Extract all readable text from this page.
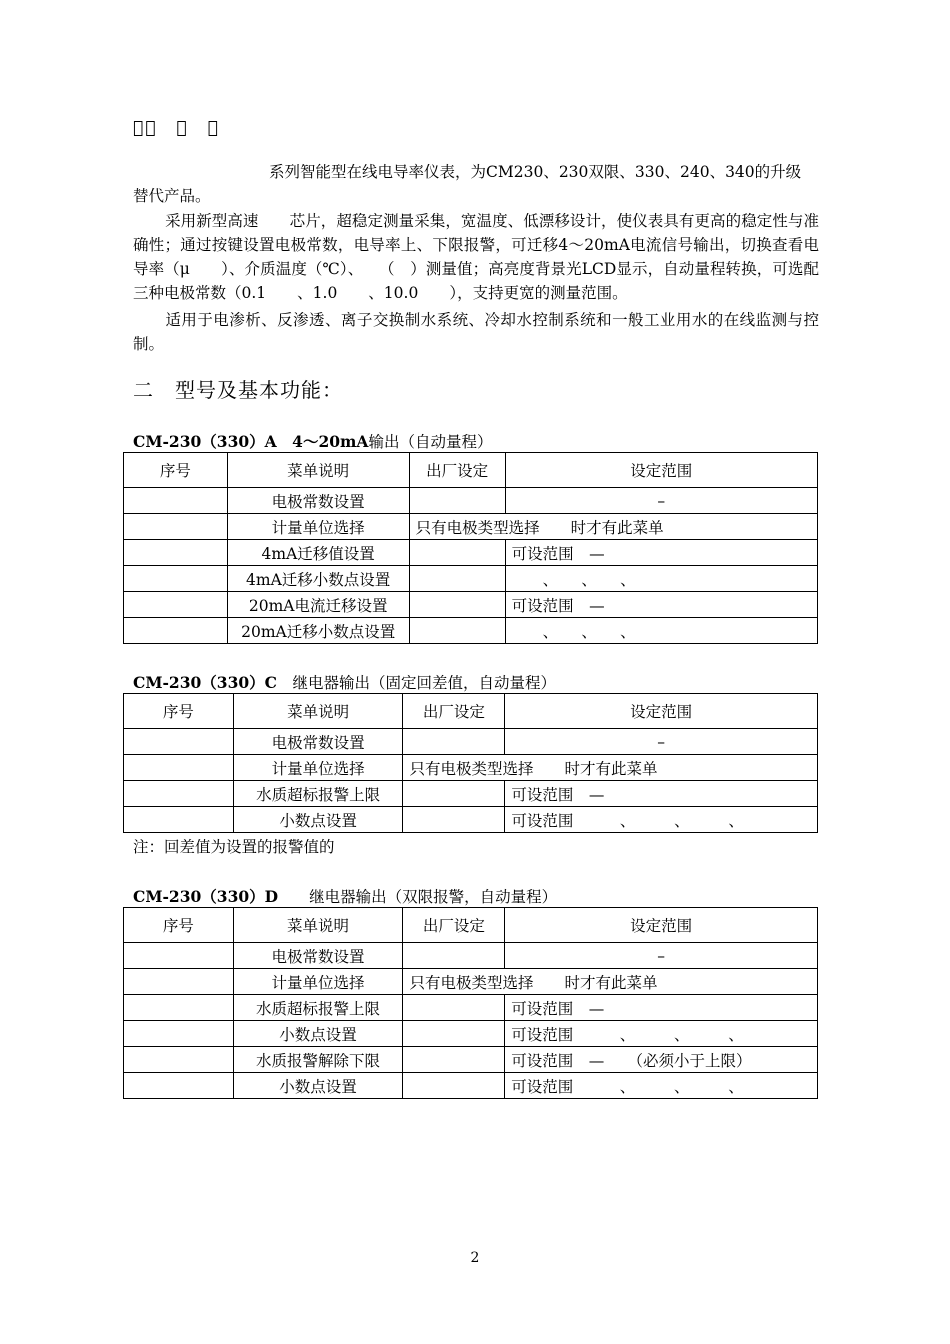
􀀀􀀀　􀀀　􀀀
系列智能型在线电导率仪表，为CM230、230双限、330、240、340的升级
替代产品。
采用新型高速　　芯片，超稳定测量采集，宽温度、低漂移设计，使仪表具有更高的稳定性与准确性；通过按键设置电极常数，电导率上、下限报警，可迁移4～20mA电流信号输出，切换查看电导率（μ　　）、介质温度（℃）、　　（　）测量值；高亮度背景光LCD显示，自动量程转换，可选配三种电极常数（0.1　　、1.0　　、10.0　　），支持更宽的测量范围。
适用于电渗析、反渗透、离子交换制水系统、冷却水控制系统和一般工业用水的在线监测与控制。
二　型号及基本功能：
CM-230（330）A　4～20mA输出（自动量程）
序号	菜单说明	出厂设定	设定范围
	电极常数设置		–
	计量单位选择	只有电极类型选择　　时才有此菜单	
	4mA迁移值设置		可设范围　—
	4mA迁移小数点设置		　　、　　、　　、
	20mA电流迁移设置		可设范围　—
	20mA迁移小数点设置		　　、　　、　　、
CM-230（330）C　继电器输出（固定回差值，自动量程）
序号	菜单说明	出厂设定	设定范围
	电极常数设置		–
	计量单位选择	只有电极类型选择　　时才有此菜单	
	水质超标报警上限		可设范围　—
	小数点设置		可设范围　　　、　　　、　　　、
注：回差值为设置的报警值的
CM-230（330）D　　继电器输出（双限报警，自动量程）
序号	菜单说明	出厂设定	设定范围
	电极常数设置		–
	计量单位选择	只有电极类型选择　　时才有此菜单	
	水质超标报警上限		可设范围　—
	小数点设置		可设范围　　　、　　　、　　　、
	水质报警解除下限		可设范围　—　　（必须小于上限）
	小数点设置		可设范围　　　、　　　、　　　、
2
